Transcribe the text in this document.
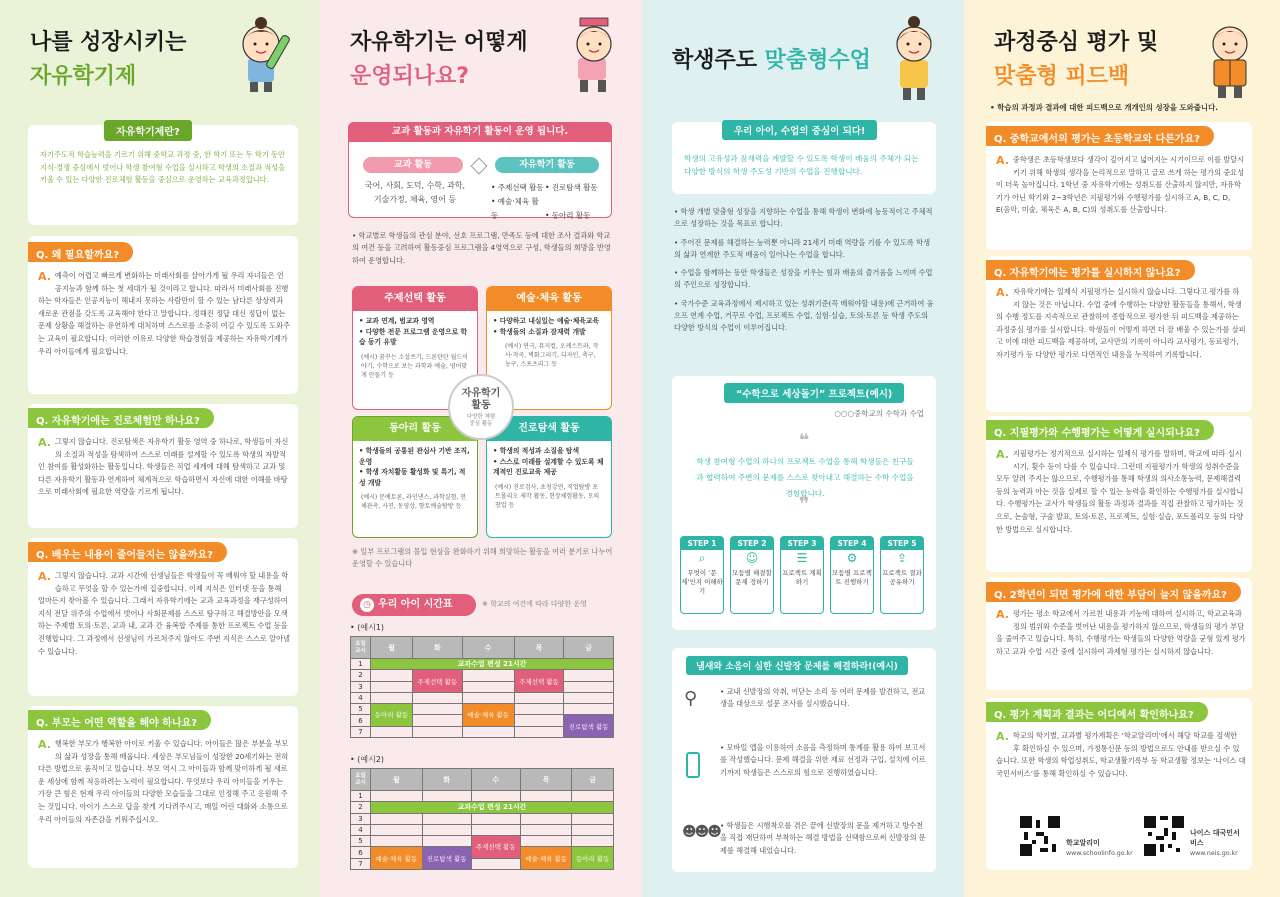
나를 성장시키는
자유학기제
자유학기제란?
자기주도적 학습능력을 기르기 위해 중학교 과정 중, 한 학기 또는 두 학기 동안 지식·경쟁 중심에서 벗어나 학생 참여형 수업을 실시하고 학생의 소질과 적성을 키울 수 있는 다양한 진로체험 활동을 중심으로 운영하는 교육과정입니다.
Q. 왜 필요할까요?
A. 예측이 어렵고 빠르게 변화하는 미래사회를 살아가게 될 우리 자녀들은 인공지능과 함께 하는 첫 세대가 될 것이라고 합니다. 따라서 미래사회를 진행하는 학자들은 인공지능이 해내지 못하는 사람만이 할 수 있는 남다른 상상력과 새로운 관점을 갖도록 교육해야 한다고 말합니다. 정해진 정답 대신 정답이 없는 문제 상황을 해결하는 유연하게 대처하며 스스로를 소중히 여길 수 있도록 도와주는 교육이 필요합니다. 이러한 이유로 다양한 학습경험을 제공하는 자유학기제가 우리 아이들에게 필요합니다.
Q. 자유학기에는 진로체험만 하나요?
A. 그렇지 않습니다. 진로탐색은 자유학기 활동 영역 중 하나로, 학생들이 자신의 소질과 적성을 탐색하여 스스로 미래를 설계할 수 있도록 학생의 자발적인 참여를 활성화하는 활동입니다. 학생들은 직업 세계에 대해 탐색하고 교과 및 다른 자유학기 활동과 연계하여 체계적으로 학습하면서 자신에 대한 이해를 바탕으로 미래사회에 필요한 역량을 기르게 됩니다.
Q. 배우는 내용이 줄어들지는 않을까요?
A. 그렇지 않습니다. 교과 시간에 선생님들은 학생들이 꼭 배워야 할 내용을 학습하고 무엇을 할 수 있는가에 집중합니다. 이제 지식은 인터넷 등을 통해 얼마든지 찾아볼 수 있습니다. 그래서 자유학기에는 교과 교육과정을 재구성하여 지식 전달 위주의 수업에서 벗어나 사회문제를 스스로 탐구하고 해결방안을 모색하는 주제별 토의·토론, 교과 내, 교과 간 융복합 주제를 통한 프로젝트 수업 등을 진행합니다. 그 과정에서 선생님이 가르쳐주지 않아도 주변 지식은 스스로 알아낼 수 있습니다.
Q. 부모는 어떤 역할을 해야 하나요?
A. 행복한 부모가 행복한 아이로 키울 수 있습니다. 아이들은 많은 부분을 부모의 삶과 성장을 통해 배웁니다. 세상은 부모님들이 성장한 20세기와는 전혀 다른 방법으로 움직이고 있습니다. 부모 역시 그 아이들과 함께 맞이하게 될 새로운 세상에 함께 적응하려는 노력이 필요합니다. 무엇보다 우리 아이들을 키우는 가장 큰 힘은 현재 우리 아이들의 다양한 모습들을 그대로 인정해 주고 응원해 주는 것입니다. 아이가 스스로 답을 찾게 기다려주시고, 매일 어린 대화와 소통으로 우리 아이들의 자존감을 키워주십시오.
자유학기는 어떻게
운영되나요?
교과 활동과 자유학기 활동이 운영 됩니다.
교과 활동
국어, 사회, 도덕, 수학, 과학, 기술가정, 체육, 영어 등
자유학기 활동
• 주제선택 활동• 진로탐색 활동
• 예술·체육 활동	• 동아리 활동
• 학교별로 학생들의 관심 분야, 선호 프로그램, 만족도 등에 대한 조사 결과와 학교의 여건 등을 고려하여 활동중심 프로그램을 4영역으로 구성, 학생들의 희망을 반영하여 운영합니다.
주제선택 활동
• 교과 연계, 범교과 영역
• 다양한 전문 프로그램 운영으로 학습 동기 유발
(예시) 꿈꾸는 소설쓰기, 드론탄탄 월드이야기, 수학으로 보는 과학과 예술, 영어맞게 만들기 등
예술·체육 활동
• 다양하고 내실있는 예술·체육교육
• 학생들의 소질과 잠재력 개발
(예시) 연극, 뮤지컬, 오케스트라, 작사·작곡, 벽화그리기, 디자인, 축구, 농구, 스포츠리그 등
동아리 활동
• 학생들의 공통된 관심사 기반 조직, 운영
• 학생 자치활동 활성화 및 특기, 적성 개발
(예시) 문예토론, 라인댄스, 과학실험, 천체관측, 사진, 동영상, 향토예술탐방 등
진로탐색 활동
• 학생의 적성과 소질을 탐색
• 스스로 미래를 설계할 수 있도록 체계적인 진로교육 제공
(예시) 진로검사, 초청강연, 직업탐방 포트폴리오 제작 활동, 현장체험활동, 모의 창업 등
자유학기 활동
다양한 체험 중심 활동
※ 일부 프로그램의 몰입 현상을 완화하기 위해 희망하는 활동을 여러 분기로 나누어 운영할 수 있습니다
◷ 우리 아이 시간표	※ 학교의 여건에 따라 다양한 운영
• (예시1)
요일
교시	월	화	수	목	금
1	교과수업 편성 21시간				
2		주제선택 활동		주제선택 활동	
3					
4					
5	동아리 활동		예술·체육 활동		
6					진로탐색 활동
7					
• (예시2)
요일
교시	월	화	수	목	금
1					
2	교과수업 편성 21시간				
3					
4					
5			주제선택 활동		
6	예술·체육 활동	진로탐색 활동		예술·체육 활동	동아리 활동
7					
학생주도 맞춤형수업
우리 아이, 수업의 중심이 되다!
학생의 고유성과 잠재력을 계발할 수 있도록 학생이 배움의 주체가 되는 다양한 방식의 학생 주도성 기반의 수업을 진행합니다.
• 학생 개별 맞춤형 성장을 지향하는 수업을 통해 학생이 변화에 능동적이고 주체적으로 성장하는 것을 목표로 합니다.
• 주어진 문제를 해결하는 능력뿐 아니라 21세기 미래 역량을 기를 수 있도록 학생의 삶과 연계한 주도적 배움이 일어나는 수업을 합니다.
• 수업을 함께하는 동안 학생들은 성장을 키우는 힘과 배움의 즐거움을 느끼며 수업의 주인으로 성장합니다.
• 국가수준 교육과정에서 제시하고 있는 성취기준(꼭 배워야할 내용)에 근거하여 융으프 연계 수업, 거꾸로 수업, 프로젝트 수업, 실험·실습, 토의·토론 등 학생 주도의 다양한 방식의 수업이 이루어집니다.
“수학으로 세상돌기” 프로젝트(예시)
○○○중학교의 수학과 수업
❝
학생 참여형 수업의 하나의 프로젝트 수업을 통해 학생들은 친구들과 협력하여 주변의 문제를 스스로 찾아내고 해결하는 수학 수업을 경험합니다.
❞
STEP 1
⌕
무엇이 ‘문제’인지 이해하기
STEP 2
☺
모둠별 해결할 문제 정하기
STEP 3
☰
프로젝트 계획하기
STEP 4
⚙
모둠별 프로젝트 진행하기
STEP 5
⇪
프로젝트 결과 공유하기
냄새와 소음이 심한 신발장 문제를 해결하라!(예시)
⚲	• 교내 신발장의 악취, 여닫는 소리 등 여러 문제를 발견하고, 전교생을 대상으로 설문 조사를 실시했습니다.
• 모바일 앱을 이용하여 소음을 측정하며 통계를 활용 하여 보고서를 작성했습니다. 문제 해결을 위한 재료 선정과 구입, 설치에 이르기까지 학생들은 스스로의 힘으로 진행하였습니다.
☻☻☻ • 학생들은 시행착오를 겪은 끝에 신발장의 문을 제거하고 방수천을 직접 재단하여 부착하는 해결 방법을 선택함으로써 신발장의 문제를 해결해 내었습니다.
과정중심 평가 및
맞춤형 피드백
• 학습의 과정과 결과에 대한 피드백으로 개개인의 성장을 도와줍니다.
Q. 중학교에서의 평가는 초등학교와 다른가요?
A. 중학생은 초등학생보다 생각이 깊어지고 넓어지는 시기이므로 이를 발달시키기 위해 학생의 생각을 논리적으로 말하고 글로 쓰게 하는 평가의 중요성이 더욱 높아집니다. 1학년 중 자유학기에는 성취도를 산출하지 않지만, 자유학기가 아닌 학기와 2~3학년은 지필평가와 수행평가를 실시하고 A, B, C, D, E(음악, 미술, 체육은 A, B, C)의 성취도를 산출합니다.
Q. 자유학기에는 평가를 실시하지 않나요?
A. 자유학기에는 일제식 지필평가는 실시하지 않습니다. 그렇다고 평가를 하지 않는 것은 아닙니다. 수업 중에 수행하는 다양한 활동들을 통해서, 학생의 수행 정도를 지속적으로 관찰하여 종합적으로 평가한 뒤 피드백을 제공하는 과정중심 평가를 실시합니다. 학생들이 어떻게 하면 더 잘 배울 수 있는가를 살피고 이에 대한 피드백을 제공하며, 교사만의 기록이 아니라 교사평가, 동료평가, 자기평가 등 다양한 평가로 다면적인 내용을 누적하여 기록합니다.
Q. 지필평가와 수행평가는 어떻게 실시되나요?
A. 지필평가는 정기적으로 실시하는 일제식 평가를 말하며, 학교에 따라 실시 시기, 횟수 등이 다를 수 있습니다. 그런데 지필평가가 학생의 성취수준을 모두 알려 주지는 않으므로, 수행평가를 통해 학생의 의사소통능력, 문제해결력 등의 능력과 아는 것을 실제로 할 수 있는 능력을 확인하는 수행평가를 실시합니다. 수행평가는 교사가 학생들의 활동 과정과 결과를 직접 관찰하고 평가하는 것으로, 논술형, 구술 발표, 토의·토론, 프로젝트, 실험·실습, 포트폴리오 등의 다양한 방법으로 실시합니다.
Q. 2학년이 되면 평가에 대한 부담이 늘지 않을까요?
A. 평가는 평소 학교에서 가르친 내용과 기능에 대하여 실시하고, 학교교육과정의 범위와 수준을 벗어난 내용을 평가하지 않으므로, 학생들의 평가 부담을 줄여주고 있습니다. 특히, 수행평가는 학생들의 다양한 역량을 균형 있게 평가하고 교과 수업 시간 중에 실시하여 과제형 평가는 실시하지 않습니다.
Q. 평가 계획과 결과는 어디에서 확인하나요?
A. 학교의 학기별, 교과별 평가계획은 ‘학교알리미’에서 해당 학교를 검색한 후 확인하실 수 있으며, 가정통신문 등의 방법으로도 안내를 받으실 수 있습니다. 또한 학생의 학업성취도, 학교생활기록부 등 학교생활 정보는 ‘나이스 대국민서비스’를 통해 확인하실 수 있습니다.
학교알리미
www.schoolinfo.go.kr
나이스 대국민서비스
www.neis.go.kr
